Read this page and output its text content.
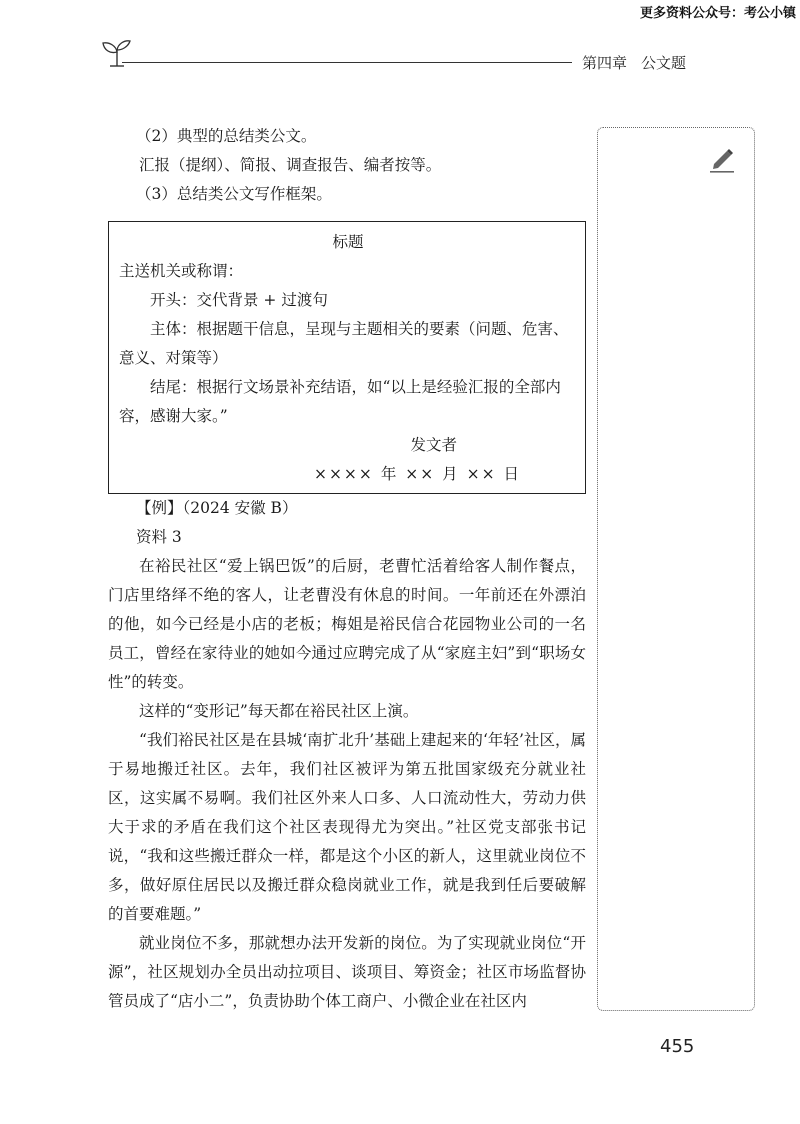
更多资料公众号：考公小镇
第四章 公文题

（2）典型的总结类公文。

汇报（提纲）、简报、调查报告、编者按等。

（3）总结类公文写作框架。

标题

主送机关或称谓：

开头：交代背景 + 过渡句

主体：根据题干信息，呈现与主题相关的要素（问题、危害、意义、对策等）

结尾：根据行文场景补充结语，如“以上是经验汇报的全部内容，感谢大家。”

发文者

×××× 年 ×× 月 ×× 日

【例】（2024 安徽 B）

资料 3

在裕民社区“爱上锅巴饭”的后厨，老曹忙活着给客人制作餐点，门店里络绎不绝的客人，让老曹没有休息的时间。一年前还在外漂泊的他，如今已经是小店的老板；梅姐是裕民信合花园物业公司的一名员工，曾经在家待业的她如今通过应聘完成了从“家庭主妇”到“职场女性”的转变。

这样的“变形记”每天都在裕民社区上演。

“我们裕民社区是在县城‘南扩北升’基础上建起来的‘年轻’社区，属于易地搬迁社区。去年，我们社区被评为第五批国家级充分就业社区，这实属不易啊。我们社区外来人口多、人口流动性大，劳动力供大于求的矛盾在我们这个社区表现得尤为突出。”社区党支部张书记说，“我和这些搬迁群众一样，都是这个小区的新人，这里就业岗位不多，做好原住居民以及搬迁群众稳岗就业工作，就是我到任后要破解的首要难题。”

就业岗位不多，那就想办法开发新的岗位。为了实现就业岗位“开源”，社区规划办全员出动拉项目、谈项目、筹资金；社区市场监督协管员成了“店小二”，负责协助个体工商户、小微企业在社区内

455
